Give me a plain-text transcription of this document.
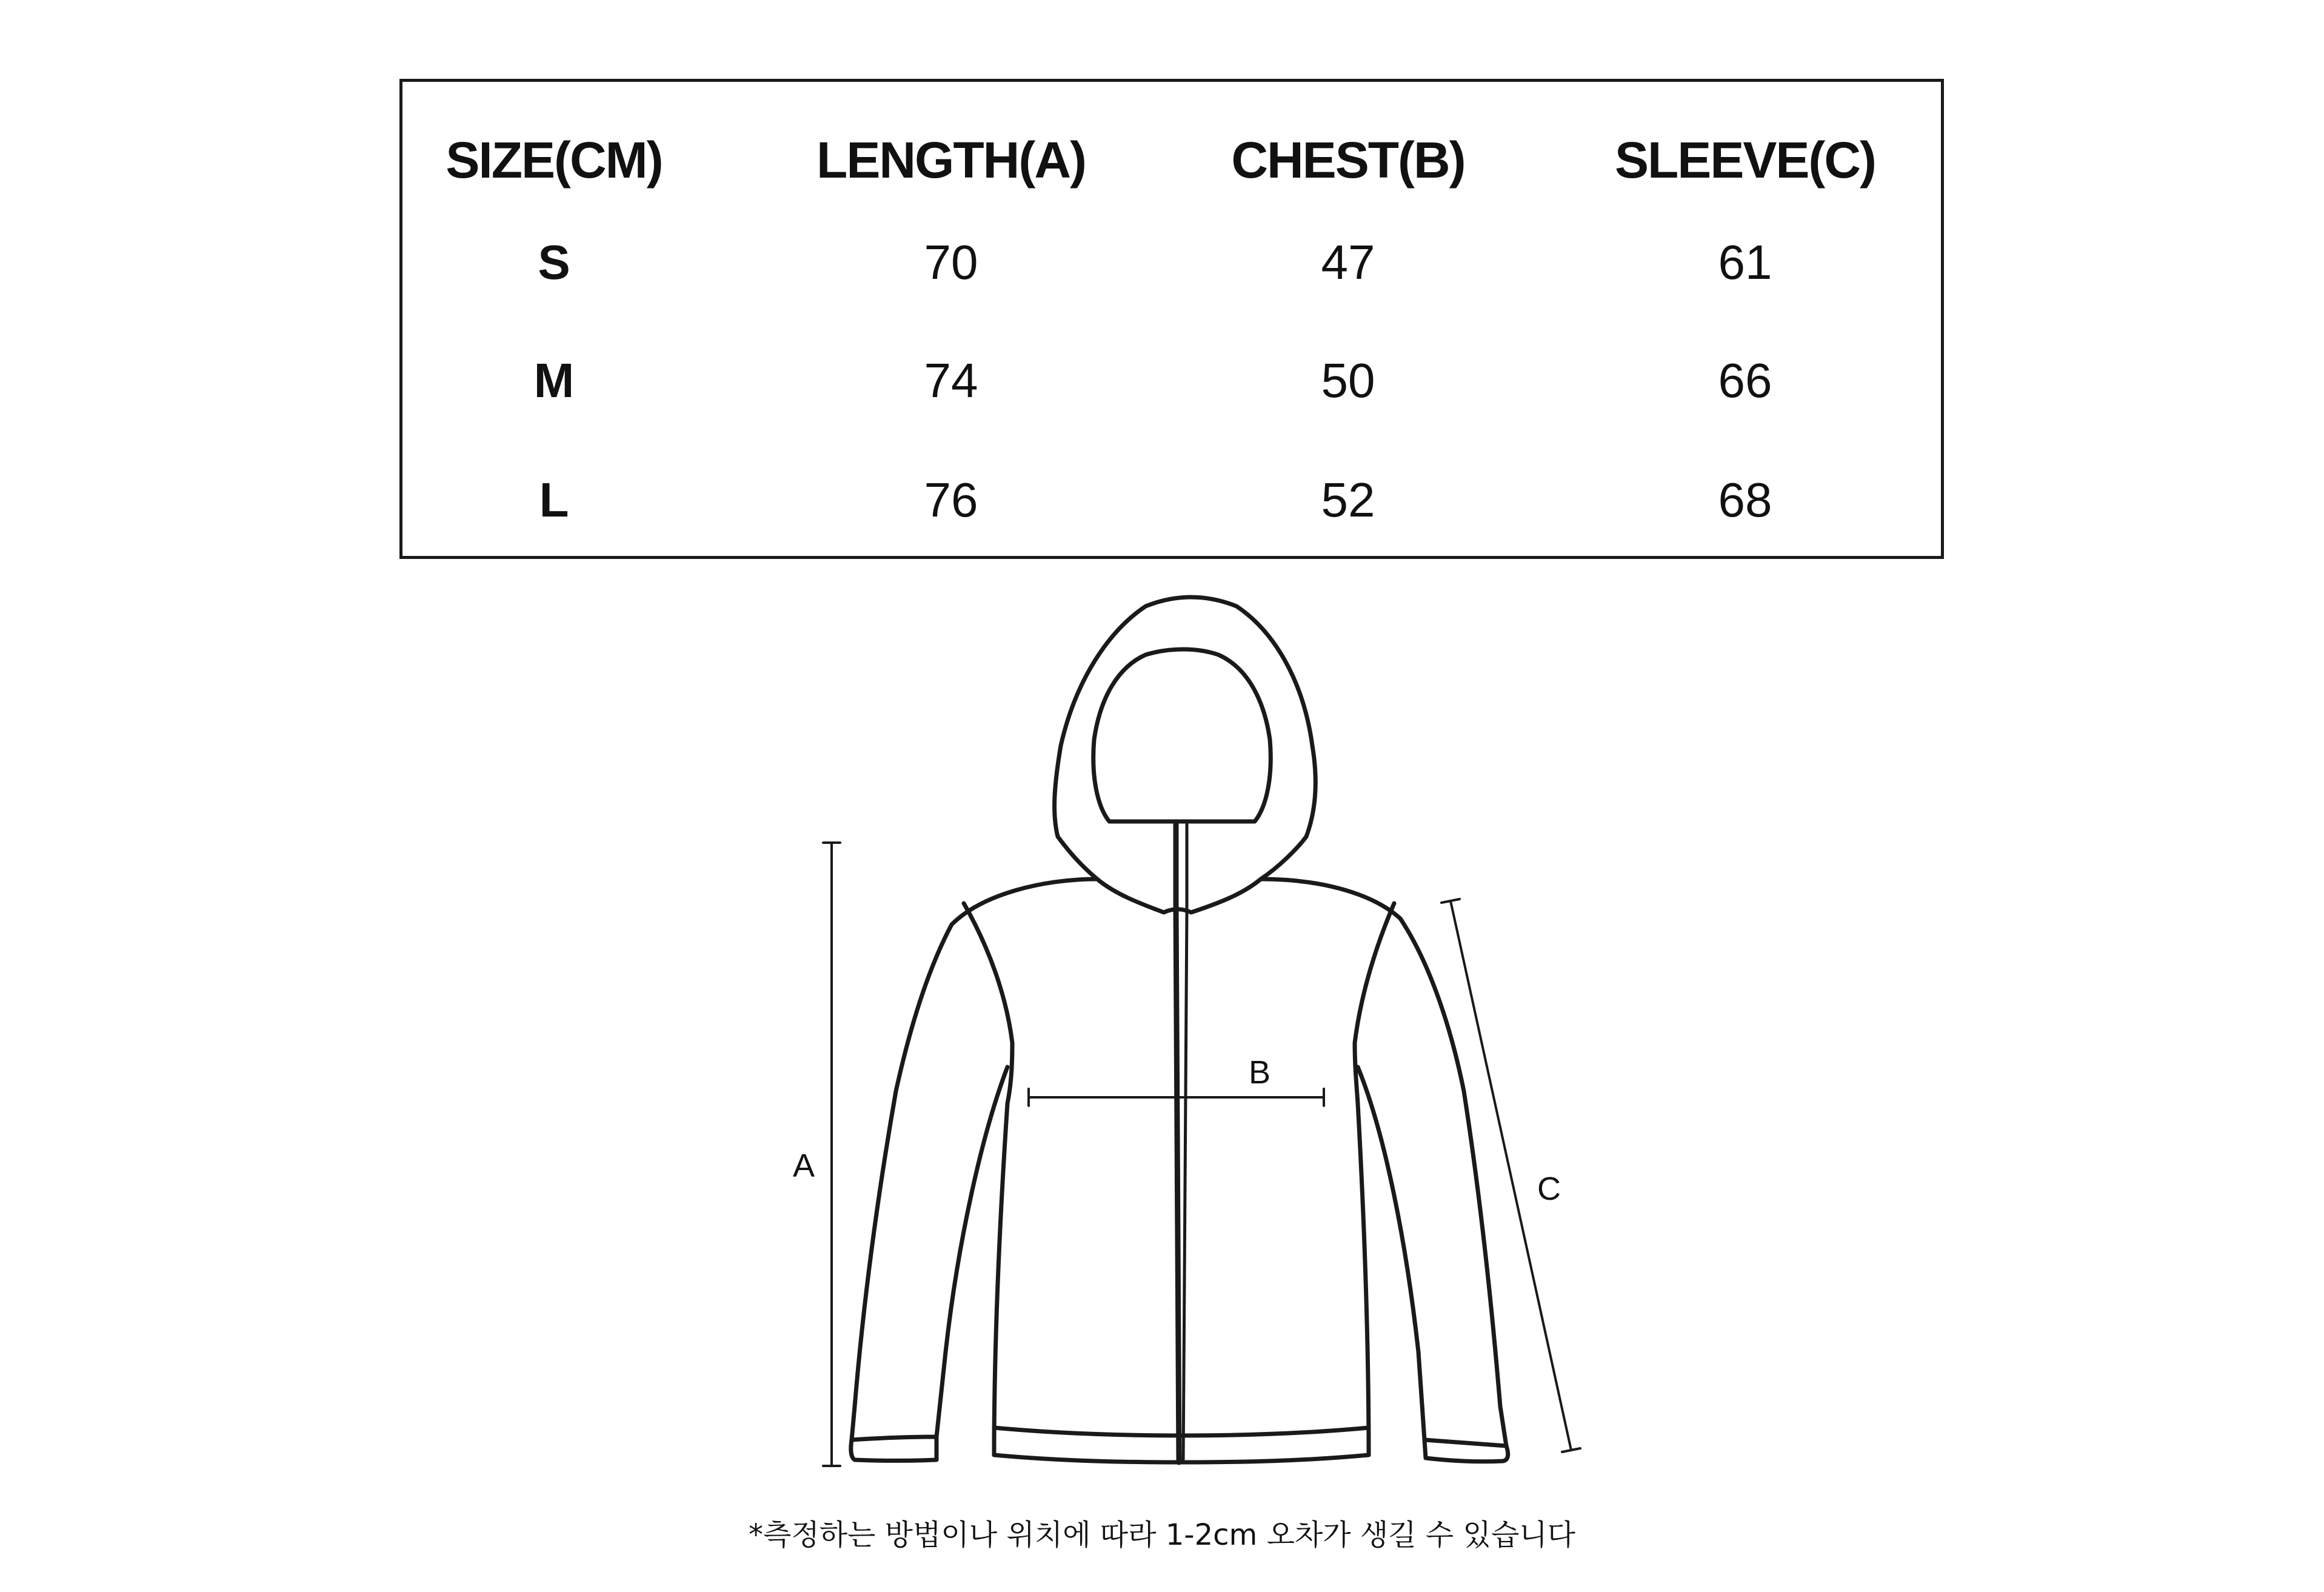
SIZE(CM)	LENGTH(A)	CHEST(B)	SLEEVE(C)
S	70	47	61
M	74	50	66
L	76	52	68
A
B
C
*측정하는 방법이나 위치에 따라 1-2cm 오차가 생길 수 있습니다
